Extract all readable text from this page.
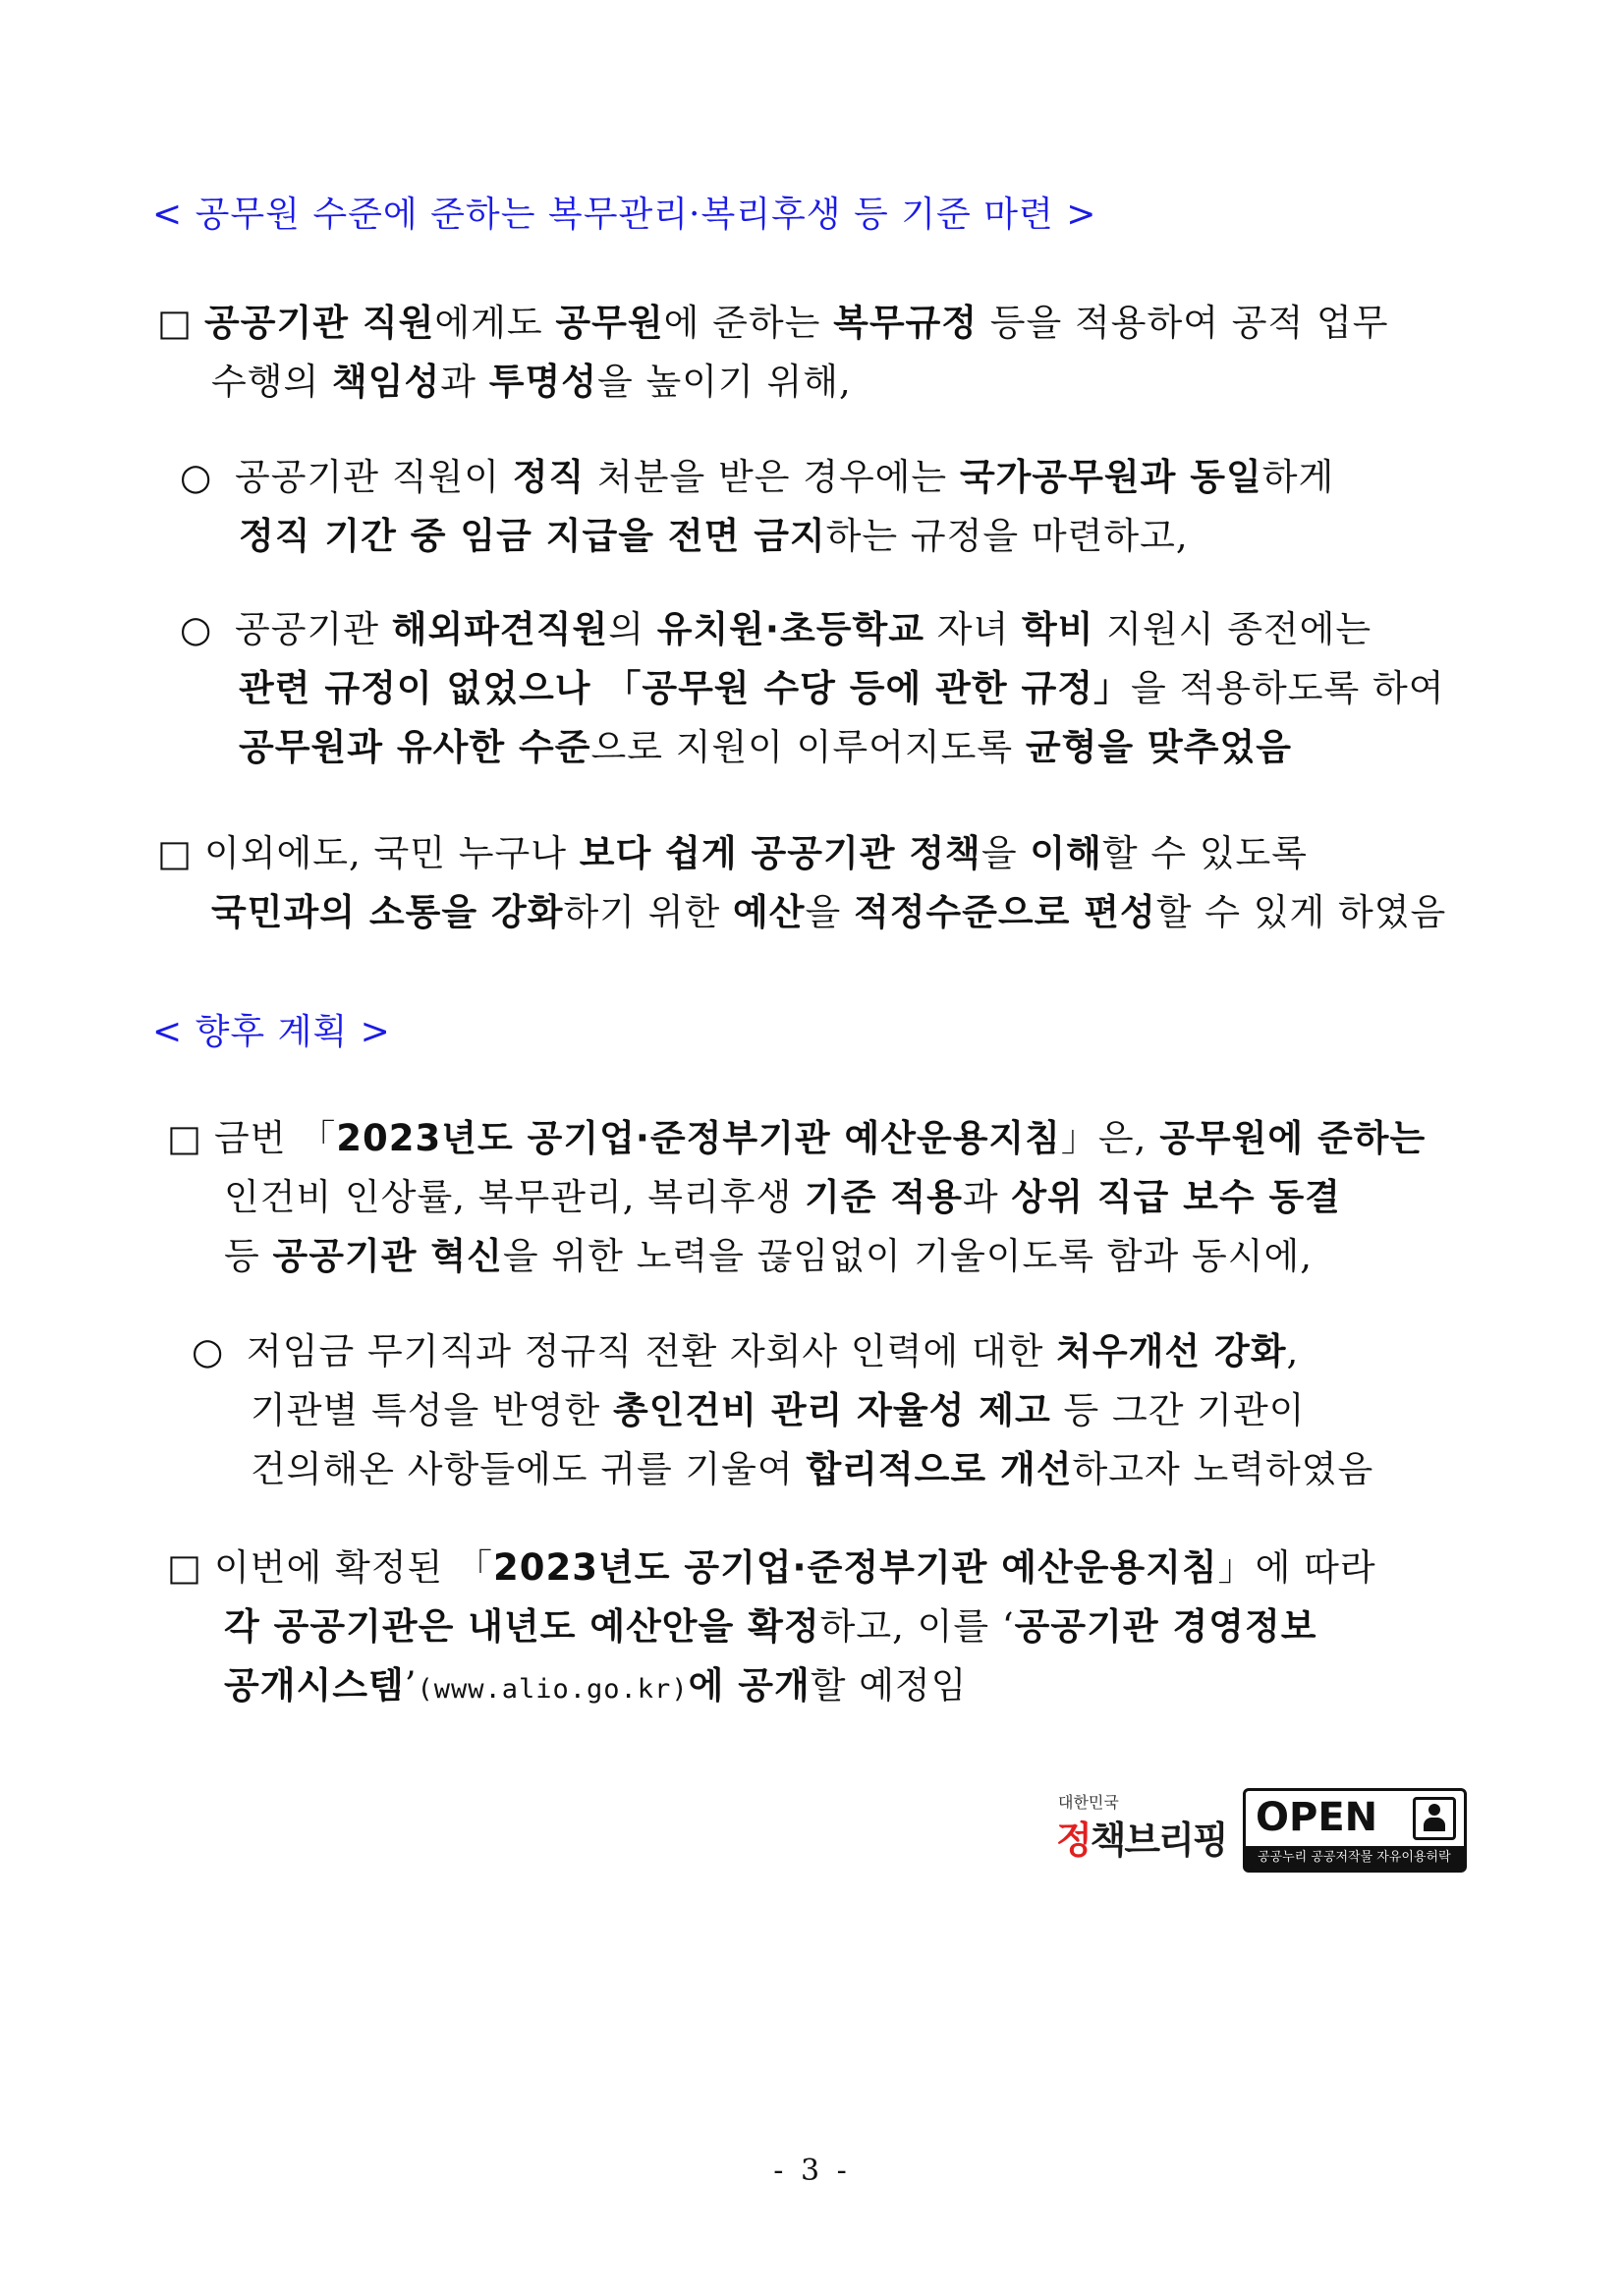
< 공무원 수준에 준하는 복무관리·복리후생 등 기준 마련 >
□ 공공기관 직원에게도 공무원에 준하는 복무규정 등을 적용하여 공적 업무
수행의 책임성과 투명성을 높이기 위해,
○ 공공기관 직원이 정직 처분을 받은 경우에는 국가공무원과 동일하게
정직 기간 중 임금 지급을 전면 금지하는 규정을 마련하고,
○ 공공기관 해외파견직원의 유치원·초등학교 자녀 학비 지원시 종전에는
관련 규정이 없었으나 「공무원 수당 등에 관한 규정」을 적용하도록 하여
공무원과 유사한 수준으로 지원이 이루어지도록 균형을 맞추었음
□ 이외에도, 국민 누구나 보다 쉽게 공공기관 정책을 이해할 수 있도록
국민과의 소통을 강화하기 위한 예산을 적정수준으로 편성할 수 있게 하였음
< 향후 계획 >
□ 금번 「2023년도 공기업·준정부기관 예산운용지침」은, 공무원에 준하는
인건비 인상률, 복무관리, 복리후생 기준 적용과 상위 직급 보수 동결
등 공공기관 혁신을 위한 노력을 끊임없이 기울이도록 함과 동시에,
○ 저임금 무기직과 정규직 전환 자회사 인력에 대한 처우개선 강화,
기관별 특성을 반영한 총인건비 관리 자율성 제고 등 그간 기관이
건의해온 사항들에도 귀를 기울여 합리적으로 개선하고자 노력하였음
□ 이번에 확정된 「2023년도 공기업·준정부기관 예산운용지침」에 따라
각 공공기관은 내년도 예산안을 확정하고, 이를 ‘공공기관 경영정보
공개시스템’(www.alio.go.kr)에 공개할 예정임
대한민국
정책브리핑 OPEN
공공누리 공공저작물 자유이용허락
- 3 -
